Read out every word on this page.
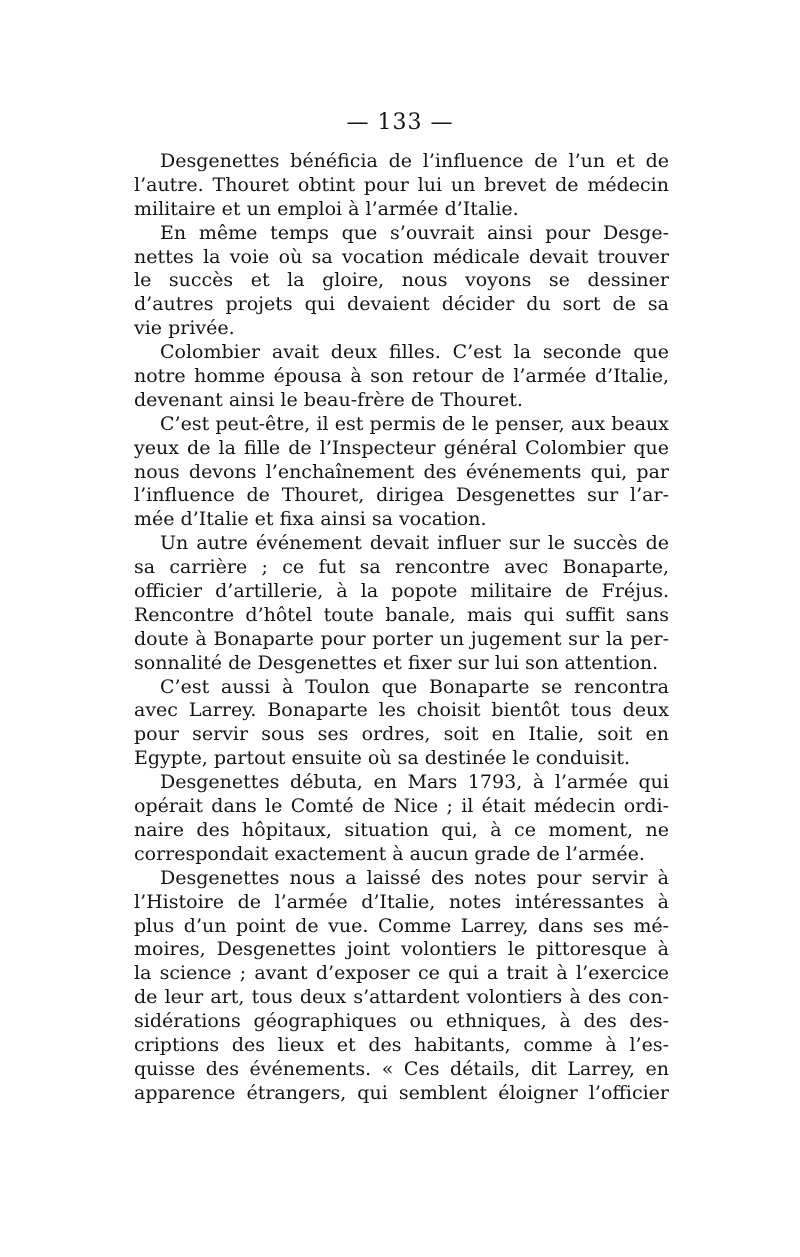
— 133 —
Desgenettes bénéficia de l’influence de l’un et de
l’autre. Thouret obtint pour lui un brevet de médecin
militaire et un emploi à l’armée d’Italie.
En même temps que s’ouvrait ainsi pour Desge-
nettes la voie où sa vocation médicale devait trouver
le succès et la gloire, nous voyons se dessiner
d’autres projets qui devaient décider du sort de sa
vie privée.
Colombier avait deux filles. C’est la seconde que
notre homme épousa à son retour de l’armée d’Italie,
devenant ainsi le beau-frère de Thouret.
C’est peut-être, il est permis de le penser, aux beaux
yeux de la fille de l’Inspecteur général Colombier que
nous devons l’enchaînement des événements qui, par
l’influence de Thouret, dirigea Desgenettes sur l’ar-
mée d’Italie et fixa ainsi sa vocation.
Un autre événement devait influer sur le succès de
sa carrière ; ce fut sa rencontre avec Bonaparte,
officier d’artillerie, à la popote militaire de Fréjus.
Rencontre d’hôtel toute banale, mais qui suffit sans
doute à Bonaparte pour porter un jugement sur la per-
sonnalité de Desgenettes et fixer sur lui son attention.
C’est aussi à Toulon que Bonaparte se rencontra
avec Larrey. Bonaparte les choisit bientôt tous deux
pour servir sous ses ordres, soit en Italie, soit en
Egypte, partout ensuite où sa destinée le conduisit.
Desgenettes débuta, en Mars 1793, à l’armée qui
opérait dans le Comté de Nice ; il était médecin ordi-
naire des hôpitaux, situation qui, à ce moment, ne
correspondait exactement à aucun grade de l’armée.
Desgenettes nous a laissé des notes pour servir à
l’Histoire de l’armée d’Italie, notes intéressantes à
plus d’un point de vue. Comme Larrey, dans ses mé-
moires, Desgenettes joint volontiers le pittoresque à
la science ; avant d’exposer ce qui a trait à l’exercice
de leur art, tous deux s’attardent volontiers à des con-
sidérations géographiques ou ethniques, à des des-
criptions des lieux et des habitants, comme à l’es-
quisse des événements. « Ces détails, dit Larrey, en
apparence étrangers, qui semblent éloigner l’officier
